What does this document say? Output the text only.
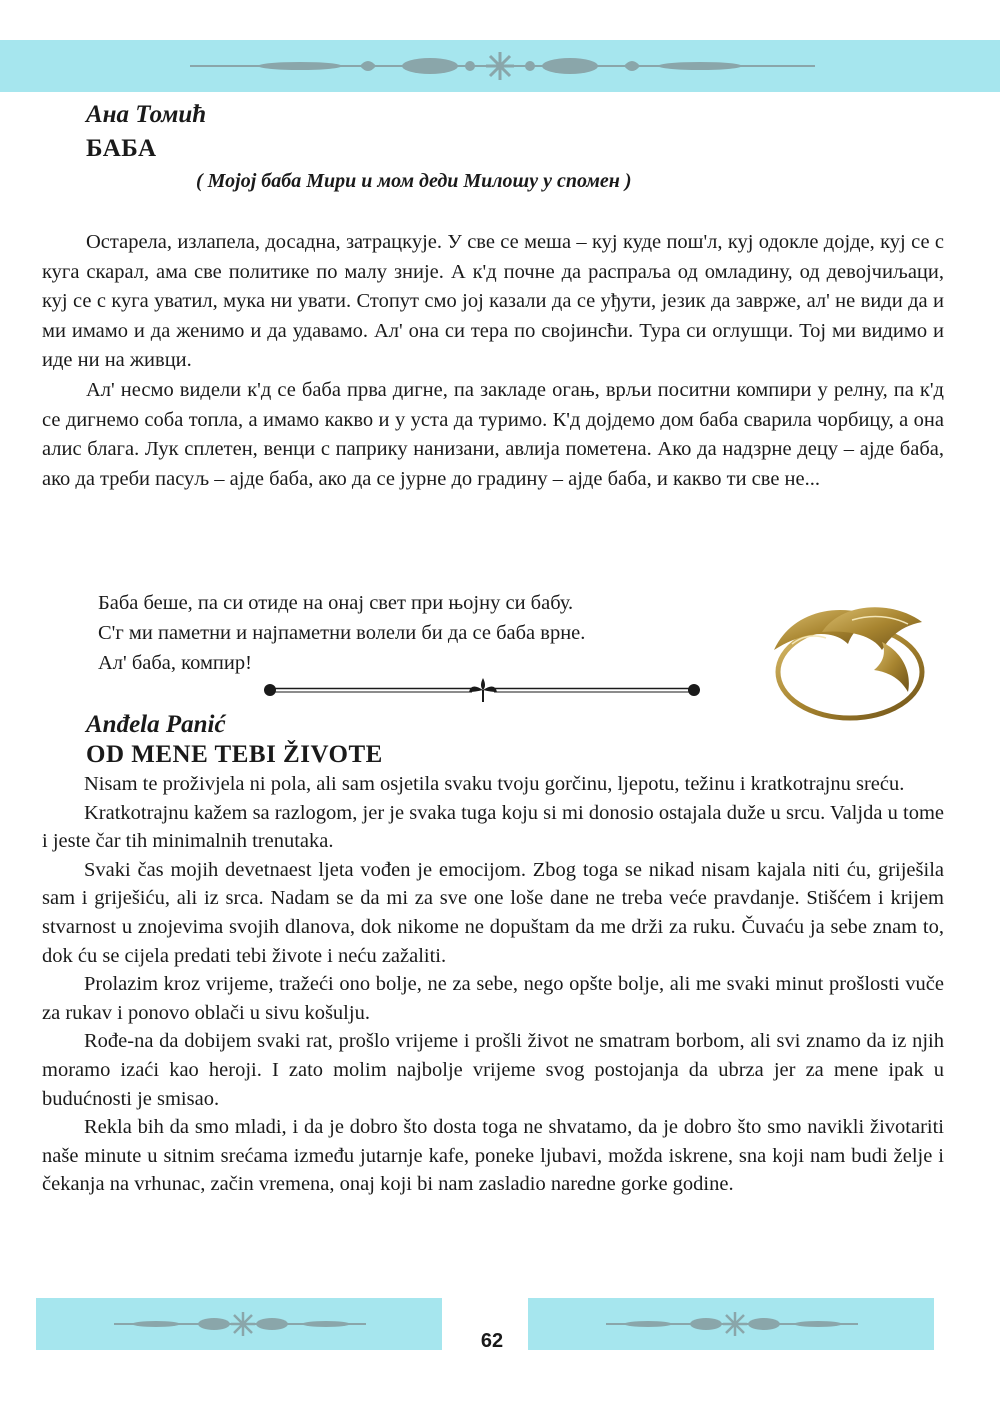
Ана Томић
БАБА
( Мојој баба Мири и мом деди Милошу у спомен )

Остарела, излапела, досадна, затрацкује. У све се меша – куј куде пош'л, куј одокле дојде, куј се с куга скарал, ама све политике по малу зније. А к'д почне да распраља од омладину, од девојчиљаци, куј се с куга уватил, мука ни увати. Стопут смо јој казали да се уђути, језик да заврже, ал' не види да и ми имамо и да женимо и да удавамо. Ал' она си тера по својинсћи. Тура си оглушци. Тој ми видимо и иде ни на живци.

Ал' несмо видели к'д се баба прва дигне, па закладе огањ, врљи поситни компири у релну, па к'д се дигнемо соба топла, а имамо какво и у уста да туримо. К'д дојдемо дом баба сварила чорбицу, а она алис блага. Лук сплетен, венци с паприку нанизани, авлија пометена. Ако да надзрне децу – ајде баба, ако да треби пасуљ – ајде баба, ако да се јурне до градину – ајде баба, и какво ти све не...

Баба беше, па си отиде на онај свет при њојну си бабу.
С'г ми паметни и најпаметни волели би да се баба врне.
Ал' баба, компир!
Anđela Panić
OD MENE TEBI ŽIVOTE

Nisam te proživjela ni pola, ali sam osjetila svaku tvoju gorčinu, ljepotu, težinu i kratkotrajnu sreću.

Kratkotrajnu kažem sa razlogom, jer je svaka tuga koju si mi donosio ostajala duže u srcu. Valjda u tome i jeste čar tih minimalnih trenutaka.

Svaki čas mojih devetnaest ljeta vođen je emocijom. Zbog toga se nikad nisam kajala niti ću, griješila sam i griješiću, ali iz srca. Nadam se da mi za sve one loše dane ne treba veće pravdanje. Stišćem i krijem stvarnost u znojevima svojih dlanova, dok nikome ne dopuštam da me drži za ruku. Čuvaću ja sebe znam to, dok ću se cijela predati tebi živote i neću zažaliti.

Prolazim kroz vrijeme, tražeći ono bolje, ne za sebe, nego opšte bolje, ali me svaki minut prošlosti vuče za rukav i ponovo oblači u sivu košulju.

Rođe-na da dobijem svaki rat, prošlo vrijeme i prošli život ne smatram borbom, ali svi znamo da iz njih moramo izaći kao heroji. I zato molim najbolje vrijeme svog postojanja da ubrza jer za mene ipak u budućnosti je smisao.

Rekla bih da smo mladi, i da je dobro što dosta toga ne shvatamo, da je dobro što smo navikli životariti naše minute u sitnim srećama između jutarnje kafe, poneke ljubavi, možda iskrene, sna koji nam budi želje i čekanja na vrhunac, začin vremena, onaj koji bi nam zasladio naredne gorke godine.

62
